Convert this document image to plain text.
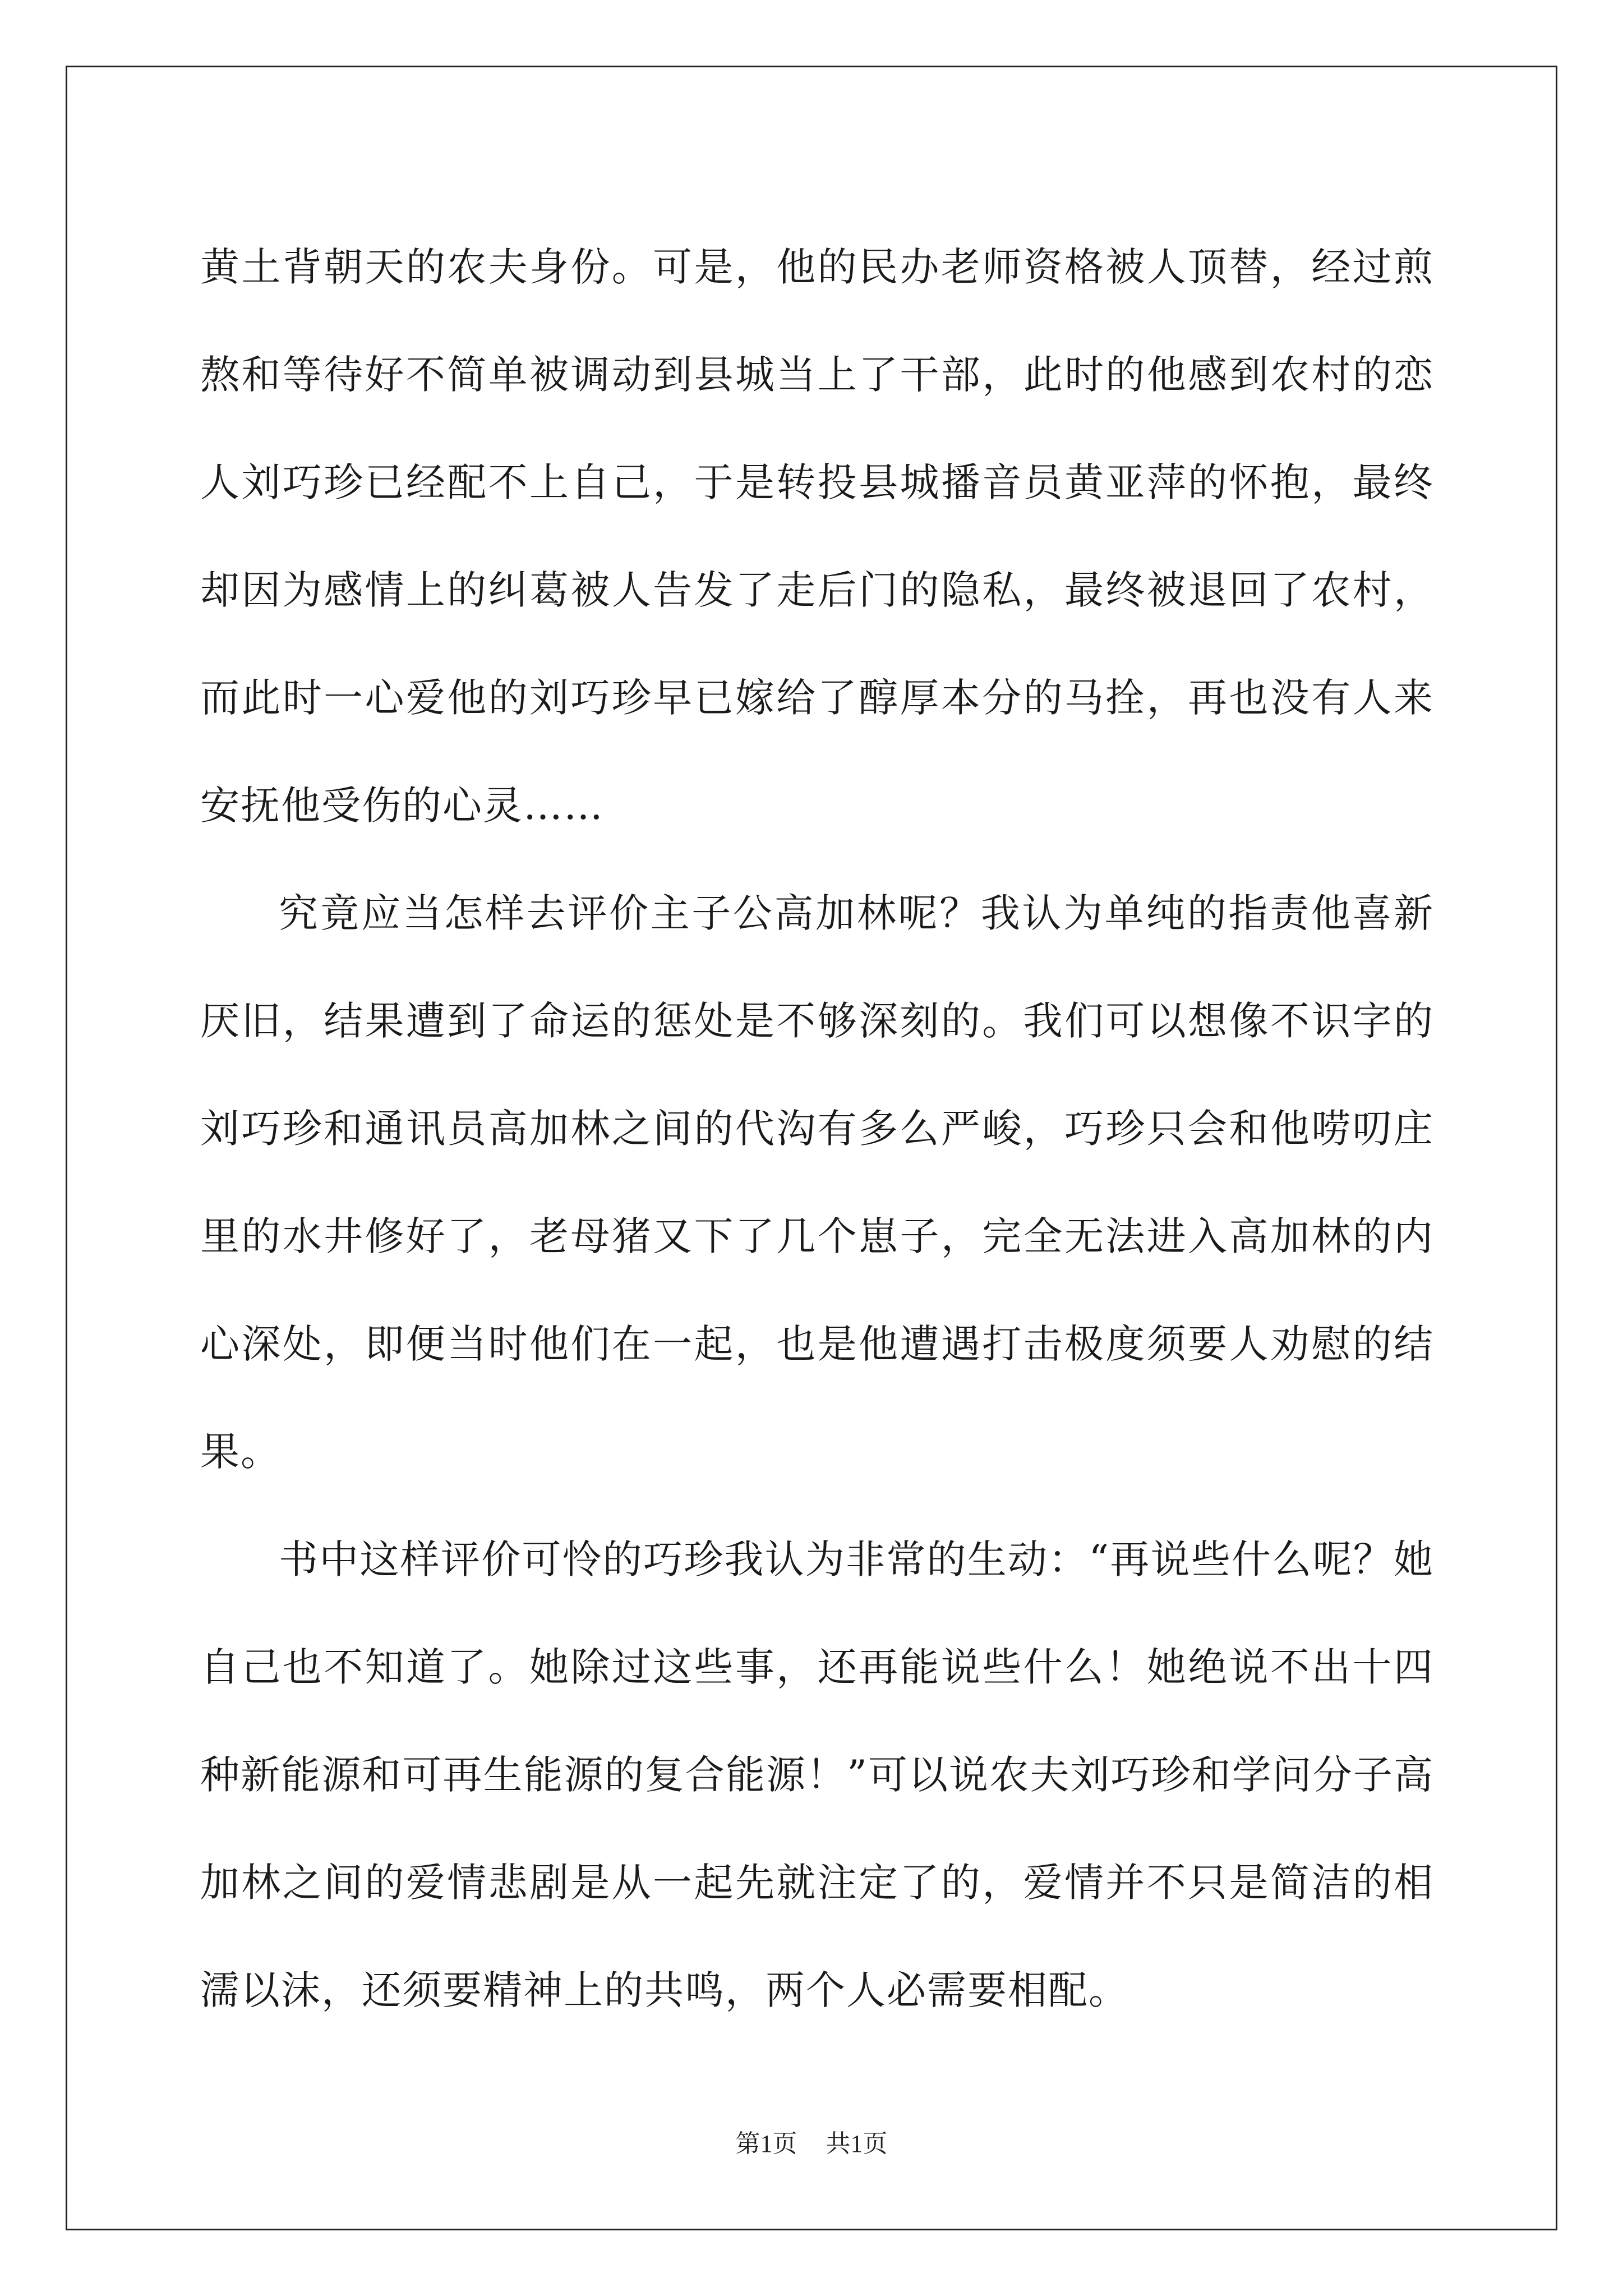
黄土背朝天的农夫身份。可是，他的民办老师资格被人顶替，经过煎熬和等待好不简单被调动到县城当上了干部，此时的他感到农村的恋人刘巧珍已经配不上自己，于是转投县城播音员黄亚萍的怀抱，最终却因为感情上的纠葛被人告发了走后门的隐私，最终被退回了农村，而此时一心爱他的刘巧珍早已嫁给了醇厚本分的马拴，再也没有人来安抚他受伤的心灵……

究竟应当怎样去评价主子公高加林呢？我认为单纯的指责他喜新厌旧，结果遭到了命运的惩处是不够深刻的。我们可以想像不识字的刘巧珍和通讯员高加林之间的代沟有多么严峻，巧珍只会和他唠叨庄里的水井修好了，老母猪又下了几个崽子，完全无法进入高加林的内心深处，即便当时他们在一起，也是他遭遇打击极度须要人劝慰的结果。

书中这样评价可怜的巧珍我认为非常的生动：“再说些什么呢？她自己也不知道了。她除过这些事，还再能说些什么！她绝说不出十四种新能源和可再生能源的复合能源！”可以说农夫刘巧珍和学问分子高加林之间的爱情悲剧是从一起先就注定了的，爱情并不只是简洁的相濡以沫，还须要精神上的共鸣，两个人必需要相配。

第1页 共1页
